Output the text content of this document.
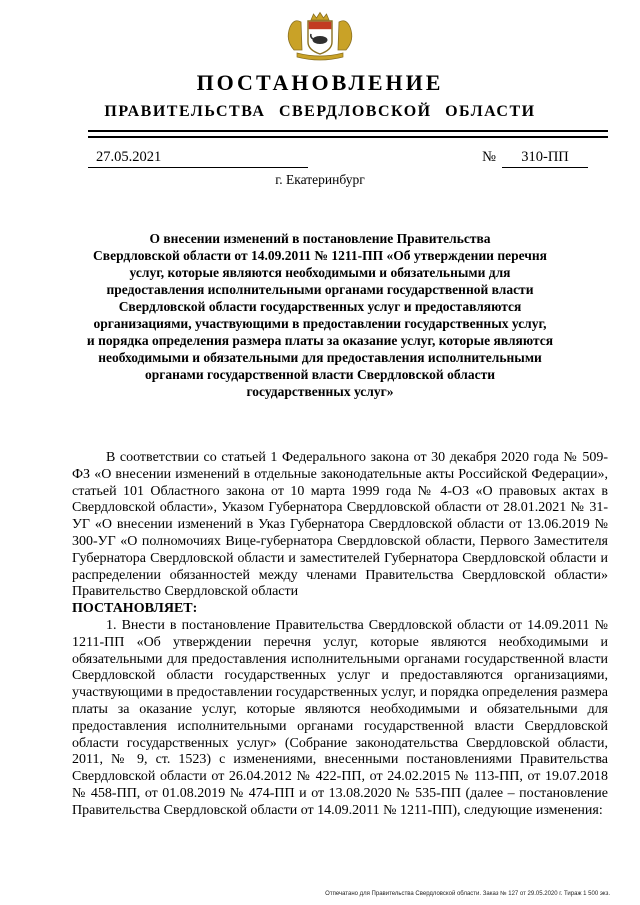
ПОСТАНОВЛЕНИЕ
ПРАВИТЕЛЬСТВА СВЕРДЛОВСКОЙ ОБЛАСТИ
27.05.2021	№	310-ПП
г. Екатеринбург
О внесении изменений в постановление Правительства
Свердловской области от 14.09.2011 № 1211-ПП «Об утверждении перечня
услуг, которые являются необходимыми и обязательными для
предоставления исполнительными органами государственной власти
Свердловской области государственных услуг и предоставляются
организациями, участвующими в предоставлении государственных услуг,
и порядка определения размера платы за оказание услуг, которые являются
необходимыми и обязательными для предоставления исполнительными
органами государственной власти Свердловской области
государственных услуг»

В соответствии со статьей 1 Федерального закона от 30 декабря 2020 года № 509-ФЗ «О внесении изменений в отдельные законодательные акты Российской Федерации», статьей 101 Областного закона от 10 марта 1999 года № 4-ОЗ «О правовых актах в Свердловской области», Указом Губернатора Свердловской области от 28.01.2021 № 31-УГ «О внесении изменений в Указ Губернатора Свердловской области от 13.06.2019 № 300-УГ «О полномочиях Вице-губернатора Свердловской области, Первого Заместителя Губернатора Свердловской области и заместителей Губернатора Свердловской области и распределении обязанностей между членами Правительства Свердловской области» Правительство Свердловской области

ПОСТАНОВЛЯЕТ:

1. Внести в постановление Правительства Свердловской области от 14.09.2011 № 1211-ПП «Об утверждении перечня услуг, которые являются необходимыми и обязательными для предоставления исполнительными органами государственной власти Свердловской области государственных услуг и предоставляются организациями, участвующими в предоставлении государственных услуг, и порядка определения размера платы за оказание услуг, которые являются необходимыми и обязательными для предоставления исполнительными органами государственной власти Свердловской области государственных услуг» (Собрание законодательства Свердловской области, 2011, № 9, ст. 1523) с изменениями, внесенными постановлениями Правительства Свердловской области от 26.04.2012 № 422-ПП, от 24.02.2015 № 113-ПП, от 19.07.2018 № 458-ПП, от 01.08.2019 № 474-ПП и от 13.08.2020 № 535-ПП (далее – постановление Правительства Свердловской области от 14.09.2011 № 1211-ПП), следующие изменения:

Отпечатано для Правительства Свердловской области. Заказ № 127 от 29.05.2020 г. Тираж 1 500 экз.
